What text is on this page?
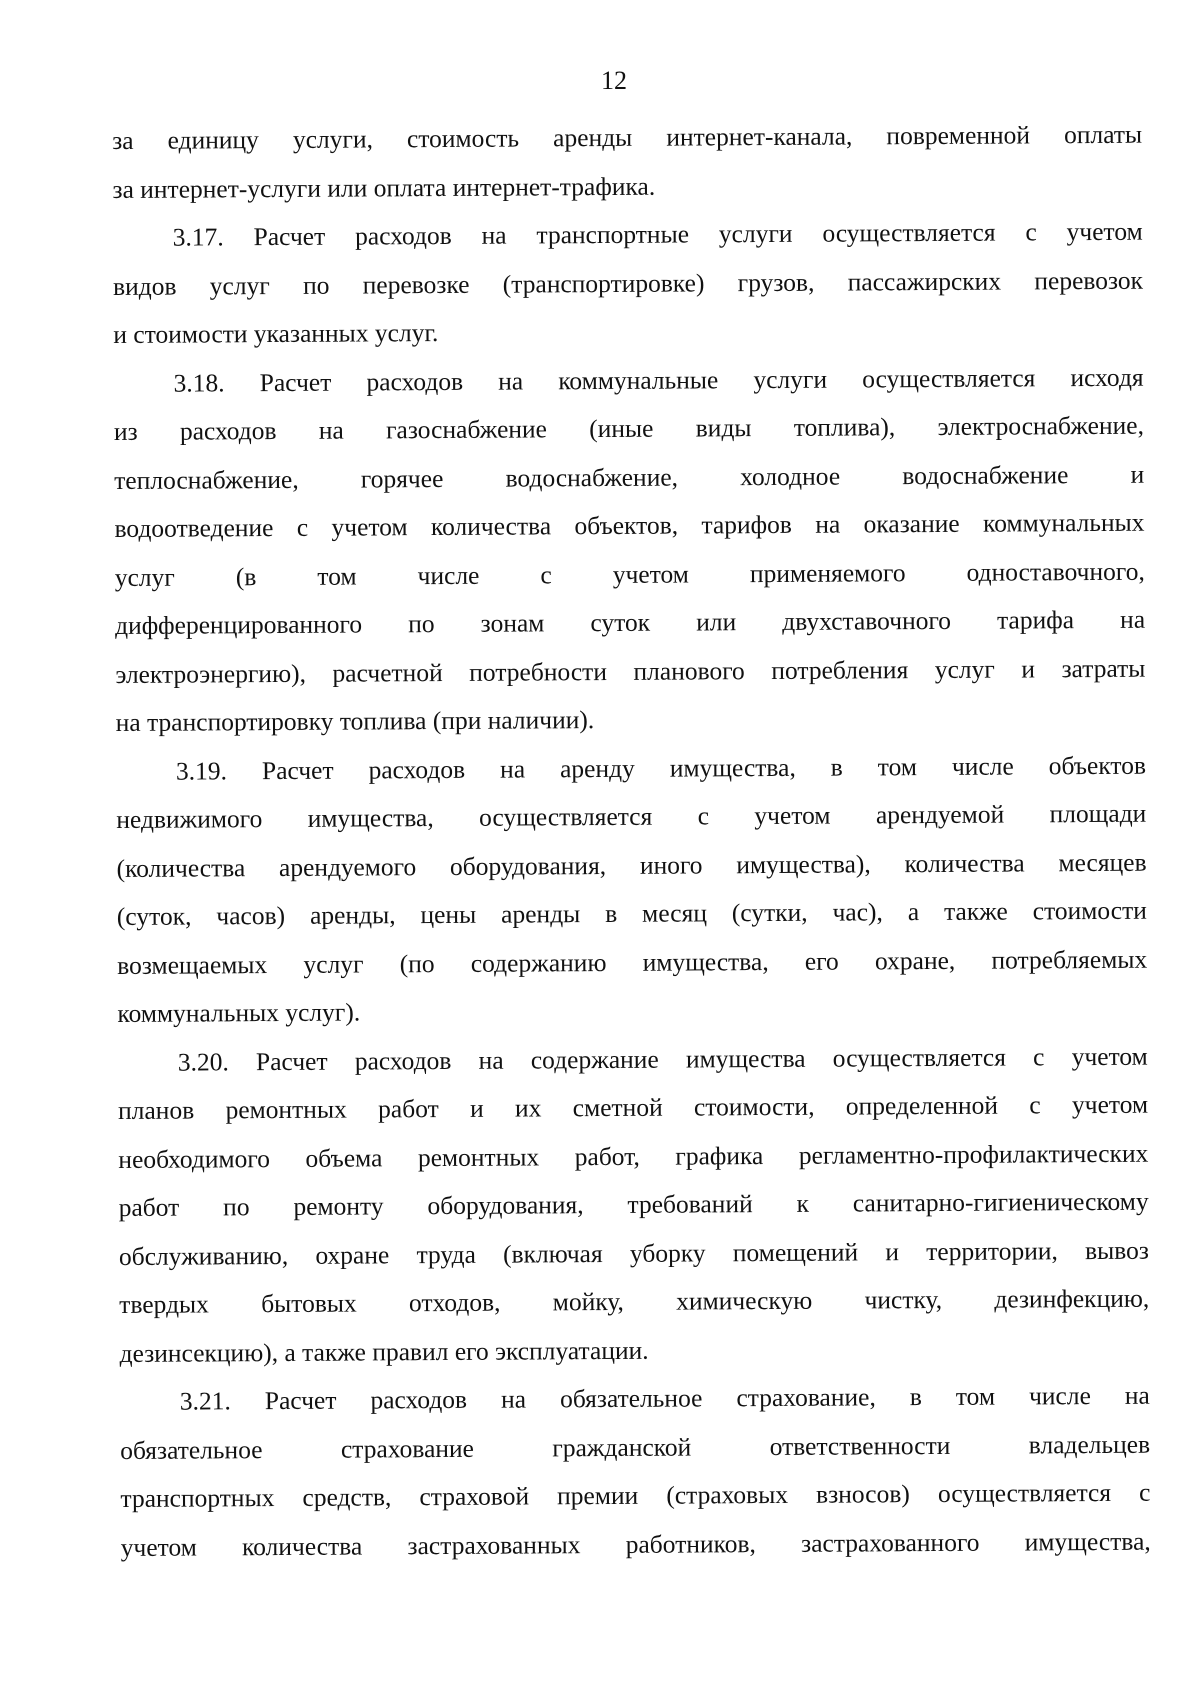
12
за единицу услуги, стоимость аренды интернет-канала, повременной оплаты
за интернет-услуги или оплата интернет-трафика.
3.17. Расчет расходов на транспортные услуги осуществляется с учетом
видов услуг по перевозке (транспортировке) грузов, пассажирских перевозок
и стоимости указанных услуг.
3.18. Расчет расходов на коммунальные услуги осуществляется исходя
из расходов на газоснабжение (иные виды топлива), электроснабжение,
теплоснабжение, горячее водоснабжение, холодное водоснабжение и
водоотведение с учетом количества объектов, тарифов на оказание коммунальных
услуг (в том числе с учетом применяемого одноставочного,
дифференцированного по зонам суток или двухставочного тарифа на
электроэнергию), расчетной потребности планового потребления услуг и затраты
на транспортировку топлива (при наличии).
3.19. Расчет расходов на аренду имущества, в том числе объектов
недвижимого имущества, осуществляется с учетом арендуемой площади
(количества арендуемого оборудования, иного имущества), количества месяцев
(суток, часов) аренды, цены аренды в месяц (сутки, час), а также стоимости
возмещаемых услуг (по содержанию имущества, его охране, потребляемых
коммунальных услуг).
3.20. Расчет расходов на содержание имущества осуществляется с учетом
планов ремонтных работ и их сметной стоимости, определенной с учетом
необходимого объема ремонтных работ, графика регламентно-профилактических
работ по ремонту оборудования, требований к санитарно-гигиеническому
обслуживанию, охране труда (включая уборку помещений и территории, вывоз
твердых бытовых отходов, мойку, химическую чистку, дезинфекцию,
дезинсекцию), а также правил его эксплуатации.
3.21. Расчет расходов на обязательное страхование, в том числе на
обязательное страхование гражданской ответственности владельцев
транспортных средств, страховой премии (страховых взносов) осуществляется с
учетом количества застрахованных работников, застрахованного имущества,
